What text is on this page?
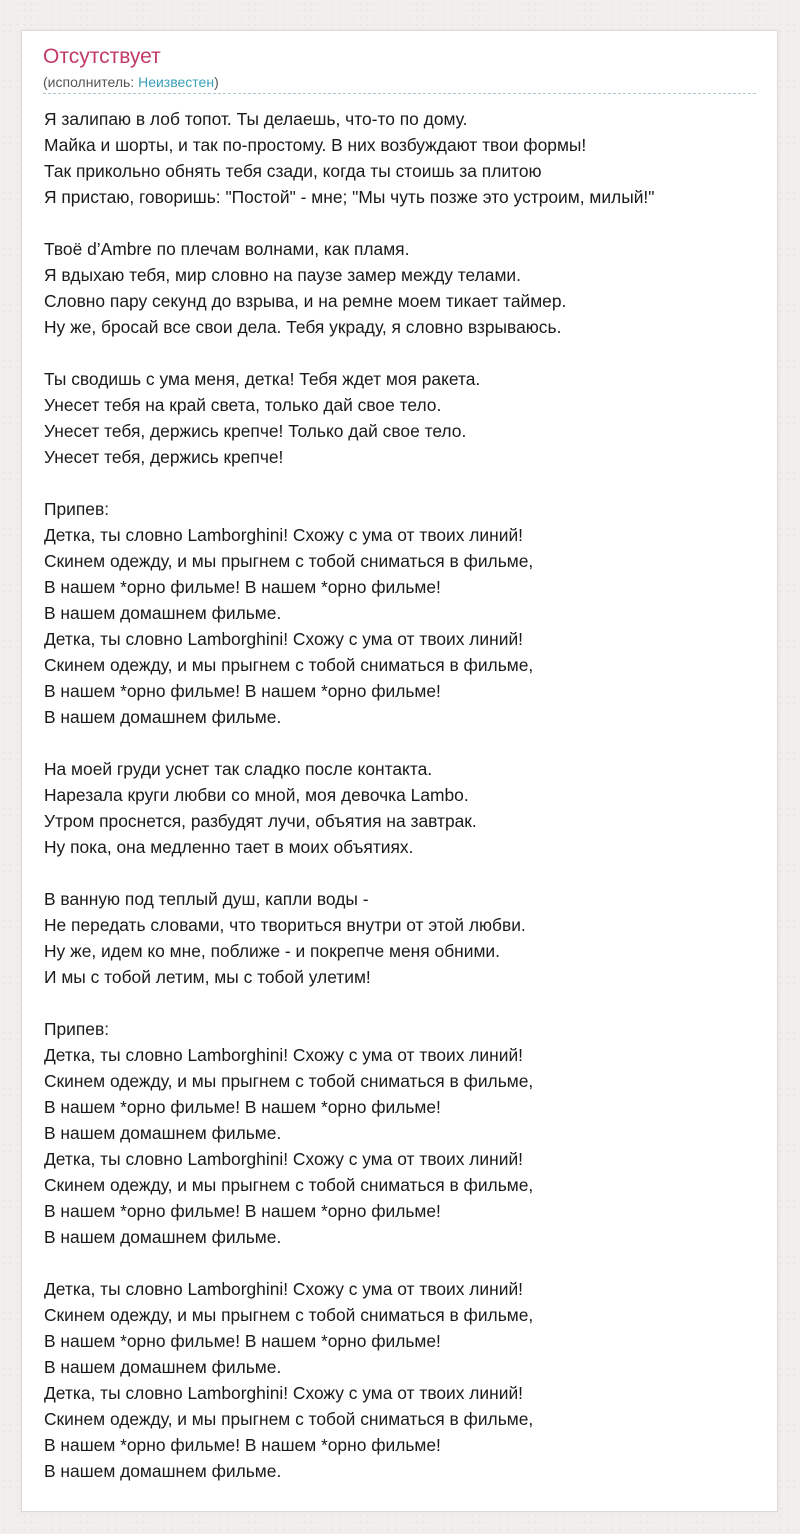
Отсутствует
(исполнитель: Неизвестен)
Я залипаю в лоб топот. Ты делаешь, что-то по дому.
Майка и шорты, и так по-простому. В них возбуждают твои формы!
Так прикольно обнять тебя сзади, когда ты стоишь за плитою
Я пристаю, говоришь: "Постой" - мне; "Мы чуть позже это устроим, милый!"
Твоё d’Ambre по плечам волнами, как пламя.
Я вдыхаю тебя, мир словно на паузе замер между телами.
Словно пару секунд до взрыва, и на ремне моем тикает таймер.
Ну же, бросай все свои дела. Тебя украду, я словно взрываюсь.
Ты сводишь с ума меня, детка! Тебя ждет моя ракета.
Унесет тебя на край света, только дай свое тело.
Унесет тебя, держись крепче! Только дай свое тело.
Унесет тебя, держись крепче!
Припев:
Детка, ты словно Lamborghini! Схожу с ума от твоих линий!
Скинем одежду, и мы прыгнем с тобой сниматься в фильме,
В нашем *орно фильме! В нашем *орно фильме!
В нашем домашнем фильме.
Детка, ты словно Lamborghini! Схожу с ума от твоих линий!
Скинем одежду, и мы прыгнем с тобой сниматься в фильме,
В нашем *орно фильме! В нашем *орно фильме!
В нашем домашнем фильме.
На моей груди уснет так сладко после контакта.
Нарезала круги любви со мной, моя девочка Lambo.
Утром проснется, разбудят лучи, объятия на завтрак.
Ну пока, она медленно тает в моих объятиях.
В ванную под теплый душ, капли воды -
Не передать словами, что твориться внутри от этой любви.
Ну же, идем ко мне, поближе - и покрепче меня обними.
И мы с тобой летим, мы с тобой улетим!
Припев:
Детка, ты словно Lamborghini! Схожу с ума от твоих линий!
Скинем одежду, и мы прыгнем с тобой сниматься в фильме,
В нашем *орно фильме! В нашем *орно фильме!
В нашем домашнем фильме.
Детка, ты словно Lamborghini! Схожу с ума от твоих линий!
Скинем одежду, и мы прыгнем с тобой сниматься в фильме,
В нашем *орно фильме! В нашем *орно фильме!
В нашем домашнем фильме.
Детка, ты словно Lamborghini! Схожу с ума от твоих линий!
Скинем одежду, и мы прыгнем с тобой сниматься в фильме,
В нашем *орно фильме! В нашем *орно фильме!
В нашем домашнем фильме.
Детка, ты словно Lamborghini! Схожу с ума от твоих линий!
Скинем одежду, и мы прыгнем с тобой сниматься в фильме,
В нашем *орно фильме! В нашем *орно фильме!
В нашем домашнем фильме.
